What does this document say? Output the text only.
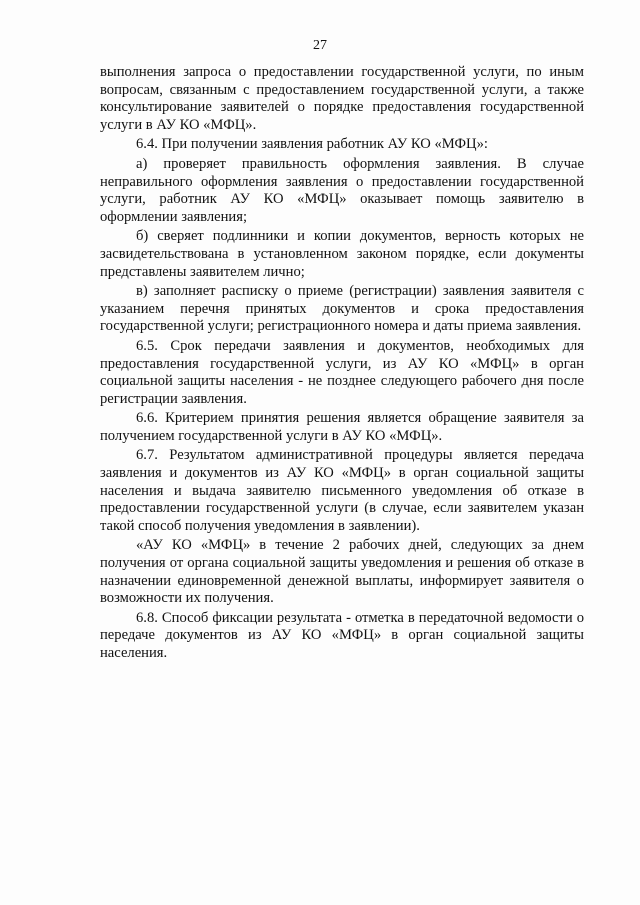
27

выполнения запроса о предоставлении государственной услуги, по иным вопросам, связанным с предоставлением государственной услуги, а также консультирование заявителей о порядке предоставления государственной услуги в АУ КО «МФЦ».

6.4. При получении заявления работник АУ КО «МФЦ»:

а) проверяет правильность оформления заявления. В случае неправильного оформления заявления о предоставлении государственной услуги, работник АУ КО «МФЦ» оказывает помощь заявителю в оформлении заявления;

б) сверяет подлинники и копии документов, верность которых не засвидетельствована в установленном законом порядке, если документы представлены заявителем лично;

в) заполняет расписку о приеме (регистрации) заявления заявителя с указанием перечня принятых документов и срока предоставления государственной услуги; регистрационного номера и даты приема заявления.

6.5. Срок передачи заявления и документов, необходимых для предоставления государственной услуги, из АУ КО «МФЦ» в орган социальной защиты населения - не позднее следующего рабочего дня после регистрации заявления.

6.6. Критерием принятия решения является обращение заявителя за получением государственной услуги в АУ КО «МФЦ».

6.7. Результатом административной процедуры является передача заявления и документов из АУ КО «МФЦ» в орган социальной защиты населения и выдача заявителю письменного уведомления об отказе в предоставлении государственной услуги (в случае, если заявителем указан такой способ получения уведомления в заявлении).

«АУ КО «МФЦ» в течение 2 рабочих дней, следующих за днем получения от органа социальной защиты уведомления и решения об отказе в назначении единовременной денежной выплаты, информирует заявителя о возможности их получения.

6.8. Способ фиксации результата - отметка в передаточной ведомости о передаче документов из АУ КО «МФЦ» в орган социальной защиты населения.
